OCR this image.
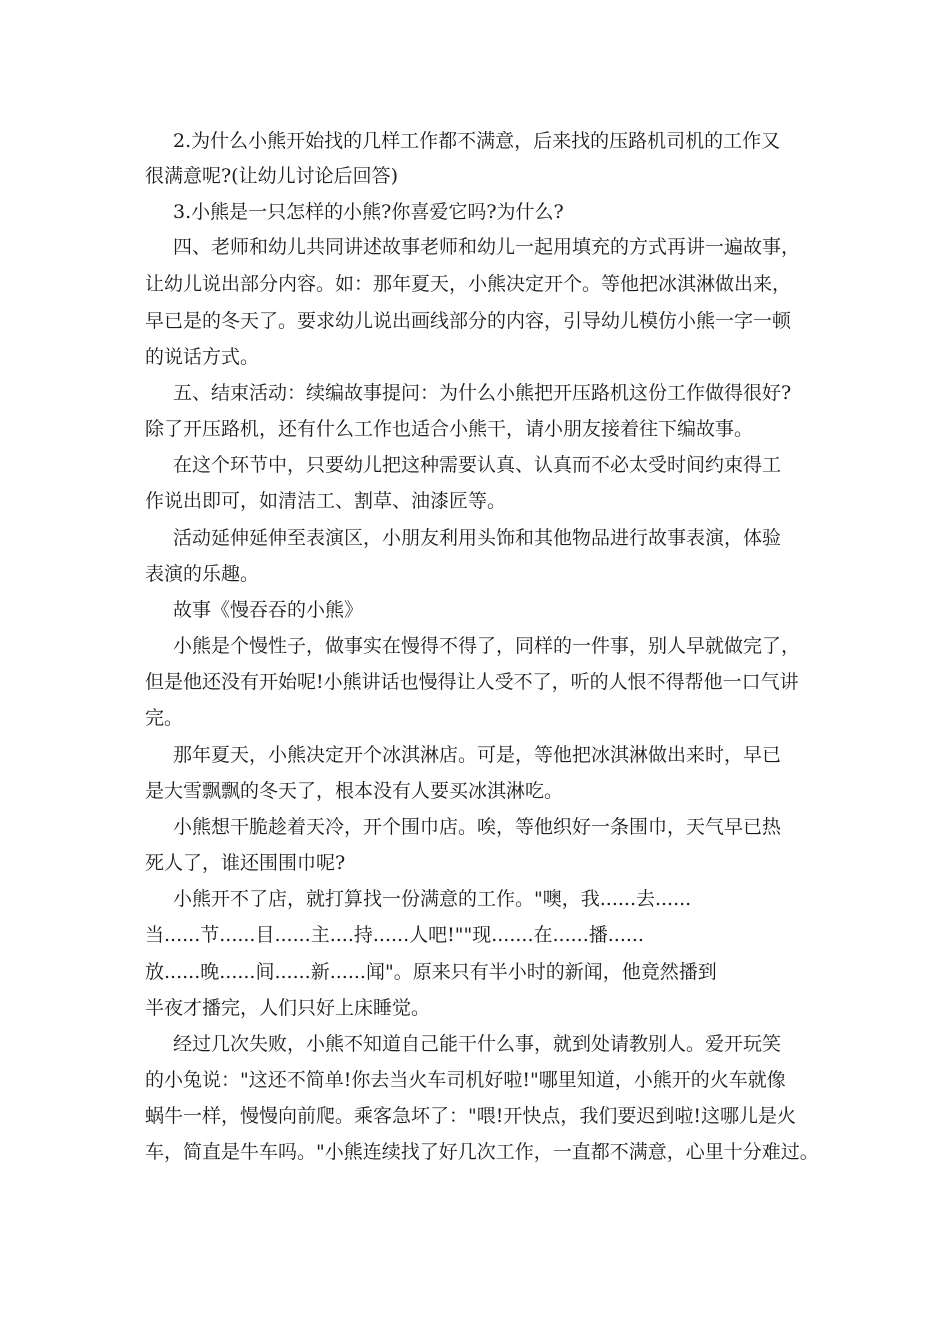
2.为什么小熊开始找的几样工作都不满意，后来找的压路机司机的工作又
很满意呢?(让幼儿讨论后回答)
3.小熊是一只怎样的小熊?你喜爱它吗?为什么?
四、老师和幼儿共同讲述故事老师和幼儿一起用填充的方式再讲一遍故事，
让幼儿说出部分内容。如：那年夏天，小熊决定开个。等他把冰淇淋做出来，
早已是的冬天了。要求幼儿说出画线部分的内容，引导幼儿模仿小熊一字一顿
的说话方式。
五、结束活动：续编故事提问：为什么小熊把开压路机这份工作做得很好?
除了开压路机，还有什么工作也适合小熊干，请小朋友接着往下编故事。
在这个环节中，只要幼儿把这种需要认真、认真而不必太受时间约束得工
作说出即可，如清洁工、割草、油漆匠等。
活动延伸延伸至表演区，小朋友利用头饰和其他物品进行故事表演，体验
表演的乐趣。
故事《慢吞吞的小熊》
小熊是个慢性子，做事实在慢得不得了，同样的一件事，别人早就做完了，
但是他还没有开始呢!小熊讲话也慢得让人受不了，听的人恨不得帮他一口气讲
完。
那年夏天，小熊决定开个冰淇淋店。可是，等他把冰淇淋做出来时，早已
是大雪飘飘的冬天了，根本没有人要买冰淇淋吃。
小熊想干脆趁着天冷，开个围巾店。唉，等他织好一条围巾，天气早已热
死人了，谁还围围巾呢?
小熊开不了店，就打算找一份满意的工作。"噢，我......去......
当......节......目......主....持......人吧!""现.......在......播......
放......晚......间......新......闻"。原来只有半小时的新闻，他竟然播到
半夜才播完，人们只好上床睡觉。
经过几次失败，小熊不知道自己能干什么事，就到处请教别人。爱开玩笑
的小兔说："这还不简单!你去当火车司机好啦!"哪里知道，小熊开的火车就像
蜗牛一样，慢慢向前爬。乘客急坏了："喂!开快点，我们要迟到啦!这哪儿是火
车，简直是牛车吗。"小熊连续找了好几次工作，一直都不满意，心里十分难过。
